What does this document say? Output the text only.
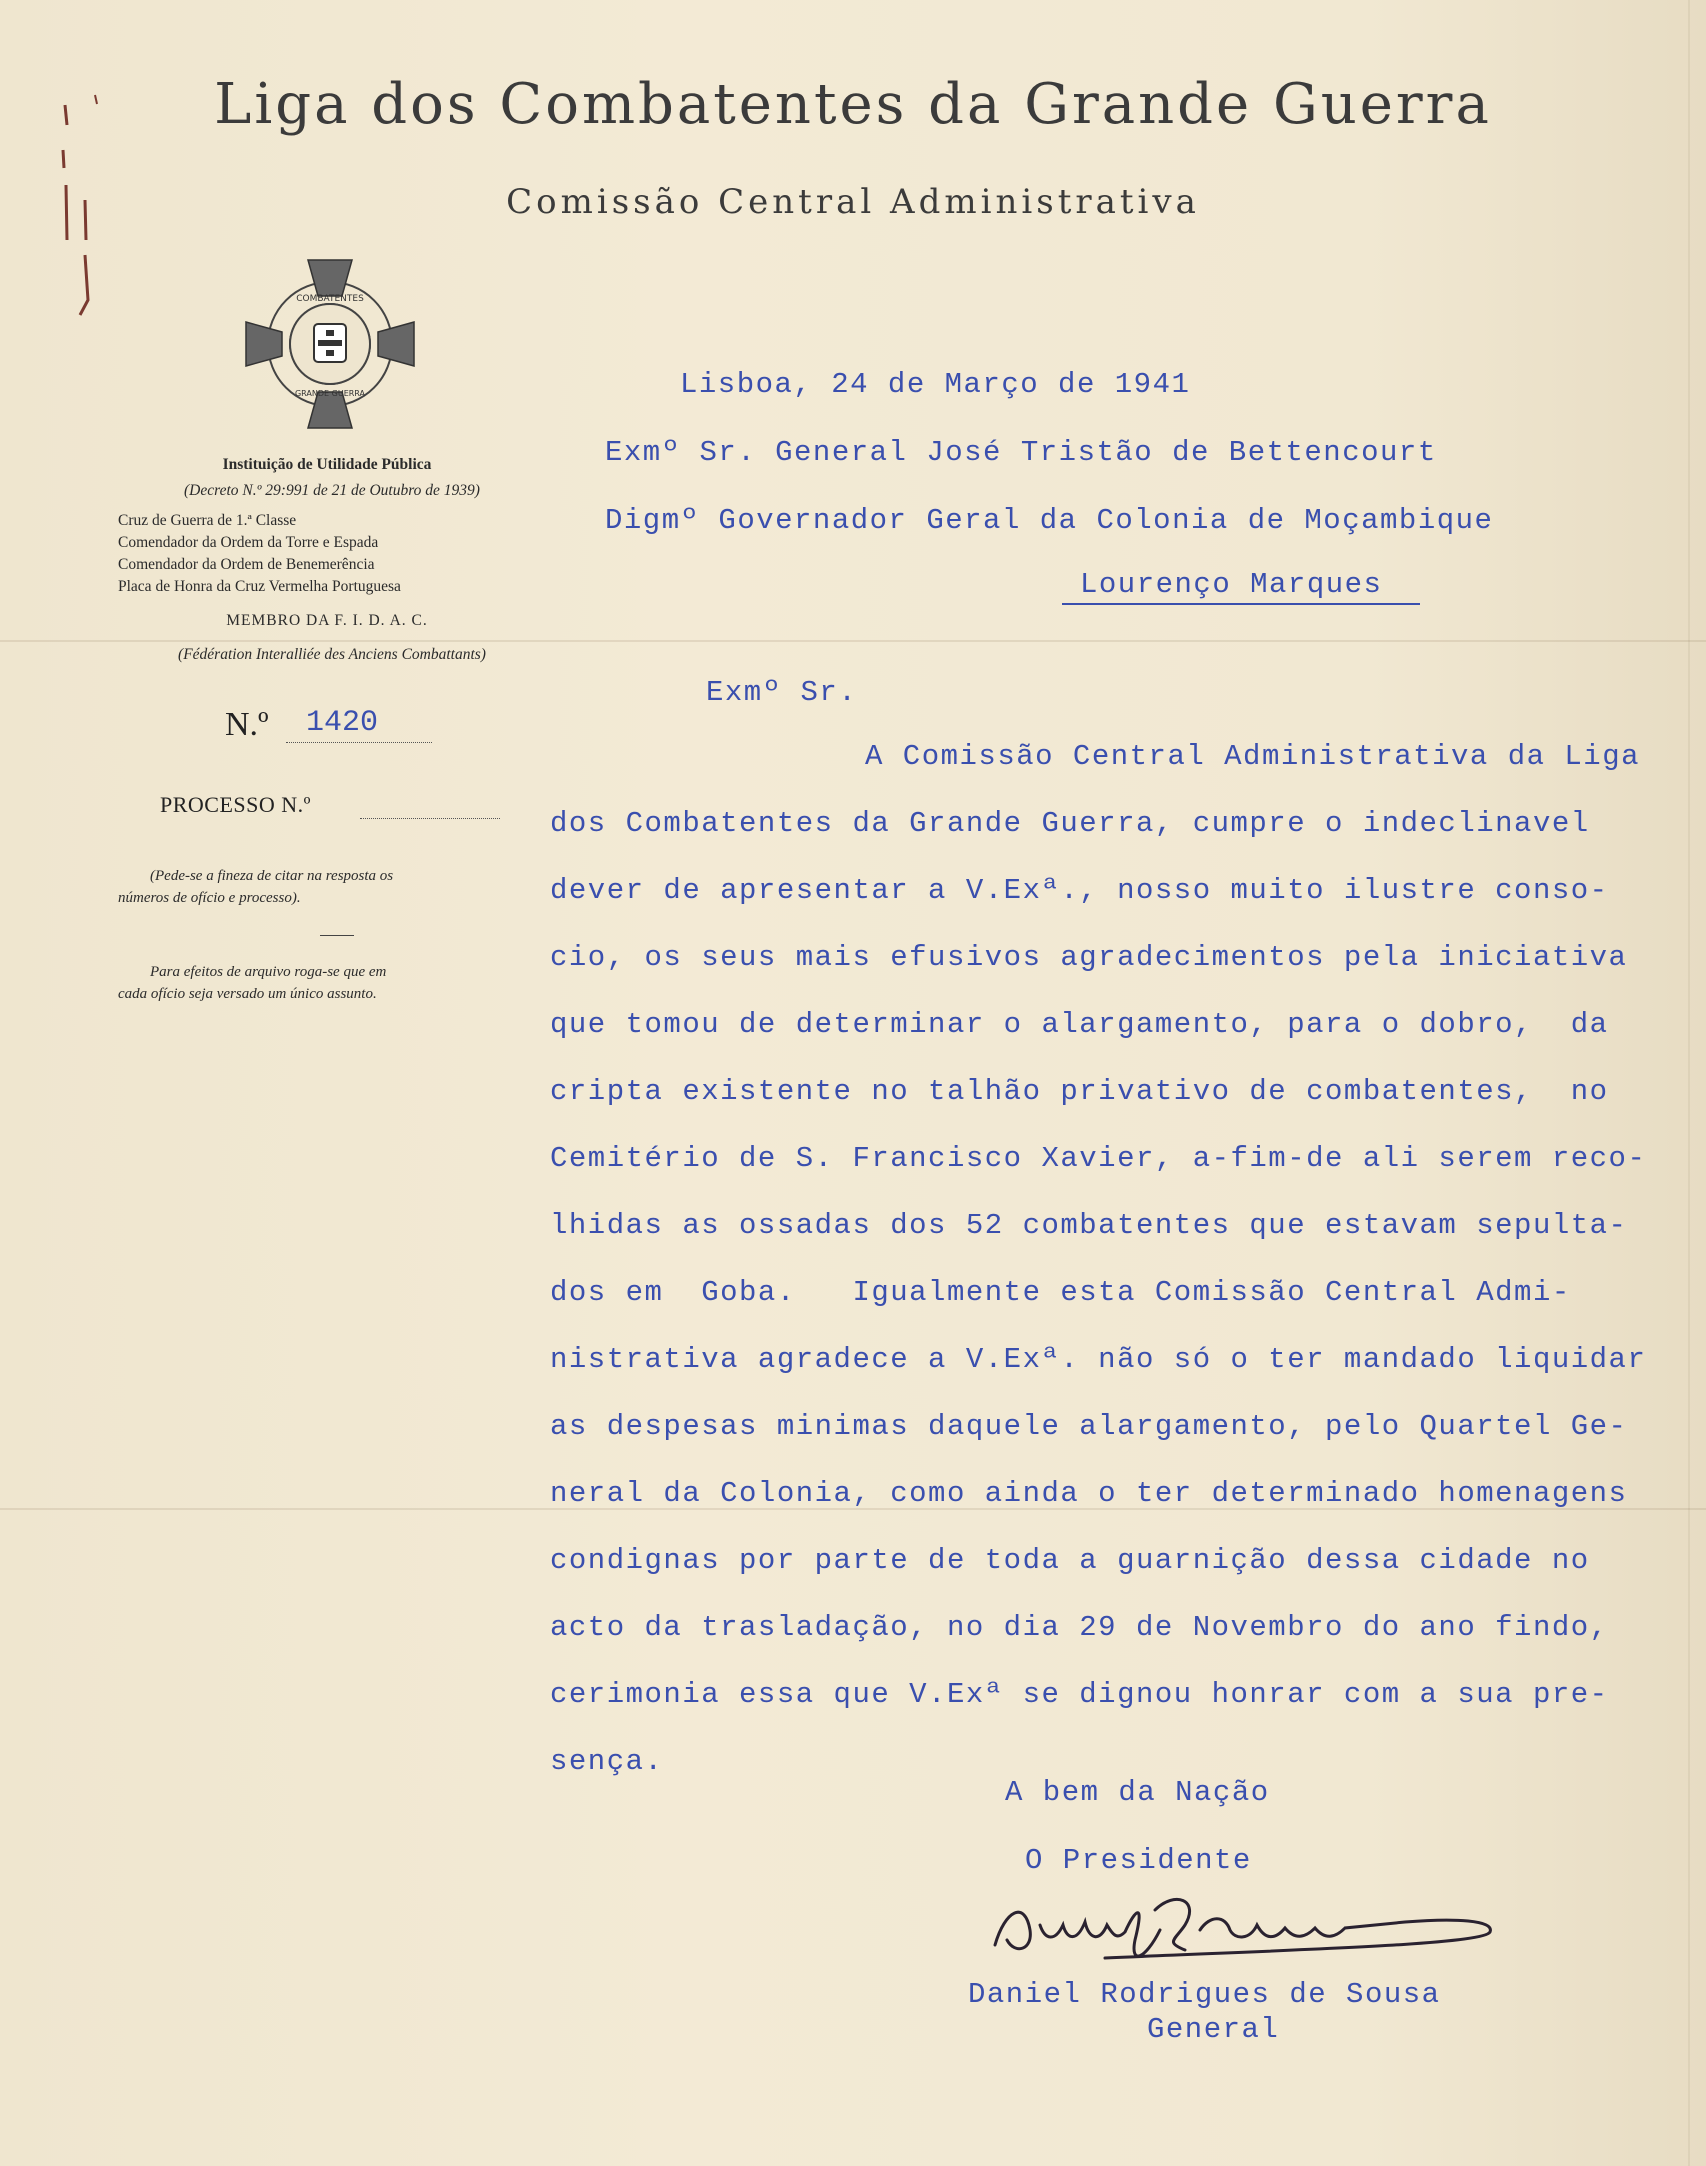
Liga dos Combatentes da Grande Guerra
Comissão Central Administrativa
COMBATENTES
GRANDE GUERRA
Instituição de Utilidade Pública
(Decreto N.º 29:991 de 21 de Outubro de 1939)
Cruz de Guerra de 1.ª Classe
Comendador da Ordem da Torre e Espada
Comendador da Ordem de Benemerência
Placa de Honra da Cruz Vermelha Portuguesa
MEMBRO DA F. I. D. A. C.
(Fédération Interalliée des Anciens Combattants)
N.º 1420
PROCESSO N.º
(Pede-se a fineza de citar na resposta os
números de ofício e processo).
Para efeitos de arquivo roga-se que em
cada ofício seja versado um único assunto.
Lisboa, 24 de Março de 1941
Exmº Sr. General José Tristão de Bettencourt
Digmº Governador Geral da Colonia de Moçambique
Lourenço Marques
Exmº Sr.
A Comissão Central Administrativa da Liga
dos Combatentes da Grande Guerra, cumpre o indeclinavel
dever de apresentar a V.Exª., nosso muito ilustre conso-
cio, os seus mais efusivos agradecimentos pela iniciativa
que tomou de determinar o alargamento, para o dobro,  da
cripta existente no talhão privativo de combatentes,  no
Cemitério de S. Francisco Xavier, a-fim-de ali serem reco-
lhidas as ossadas dos 52 combatentes que estavam sepulta-
dos em  Goba.   Igualmente esta Comissão Central Admi-
nistrativa agradece a V.Exª. não só o ter mandado liquidar
as despesas minimas daquele alargamento, pelo Quartel Ge-
neral da Colonia, como ainda o ter determinado homenagens
condignas por parte de toda a guarnição dessa cidade no
acto da trasladação, no dia 29 de Novembro do ano findo,
cerimonia essa que V.Exª se dignou honrar com a sua pre-
sença.
A bem da Nação
O Presidente
Daniel Rodrigues de Sousa
General
